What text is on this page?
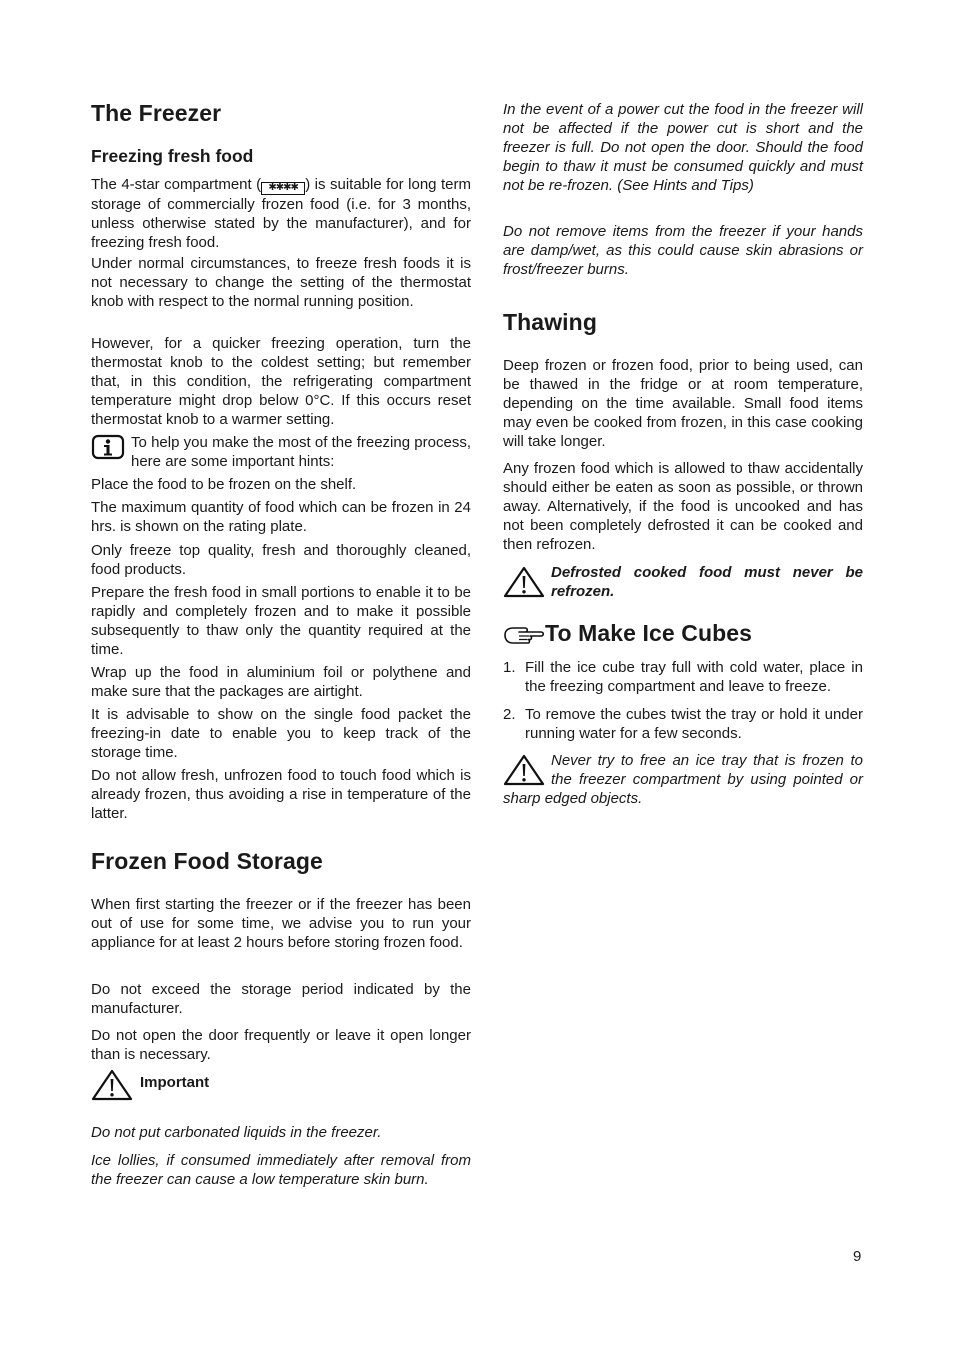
The Freezer
Freezing fresh food

The 4-star compartment ( ✱✱✱✱ ) is suitable for long term storage of commercially frozen food (i.e. for 3 months, unless otherwise stated by the manufacturer), and for freezing fresh food.

Under normal circumstances, to freeze fresh foods it is not necessary to change the setting of the thermostat knob with respect to the normal running position.

However, for a quicker freezing operation, turn the thermostat knob to the coldest setting; but remember that, in this condition, the refrigerating compartment temperature might drop below 0°C. If this occurs reset thermostat knob to a warmer setting.

To help you make the most of the freezing process, here are some important hints:

Place the food to be frozen on the shelf.

The maximum quantity of food which can be frozen in 24 hrs. is shown on the rating plate.

Only freeze top quality, fresh and thoroughly cleaned, food products.

Prepare the fresh food in small portions to enable it to be rapidly and completely frozen and to make it possible subsequently to thaw only the quantity required at the time.

Wrap up the food in aluminium foil or polythene and make sure that the packages are airtight.

It is advisable to show on the single food packet the freezing-in date to enable you to keep track of the storage time.

Do not allow fresh, unfrozen food to touch food which is already frozen, thus avoiding a rise in temperature of the latter.

Frozen Food Storage

When first starting the freezer or if the freezer has been out of use for some time, we advise you to run your appliance for at least 2 hours before storing frozen food.

Do not exceed the storage period indicated by the manufacturer.

Do not open the door frequently or leave it open longer than is necessary.

Important

Do not put carbonated liquids in the freezer.

Ice lollies, if consumed immediately after removal from the freezer can cause a low temperature skin burn.

In the event of a power cut the food in the freezer will not be affected if the power cut is short and the freezer is full. Do not open the door. Should the food begin to thaw it must be consumed quickly and must not be re-frozen. (See Hints and Tips)

Do not remove items from the freezer if your hands are damp/wet, as this could cause skin abrasions or frost/freezer burns.

Thawing

Deep frozen or frozen food, prior to being used, can be thawed in the fridge or at room temperature, depending on the time available. Small food items may even be cooked from frozen, in this case cooking will take longer.

Any frozen food which is allowed to thaw accidentally should either be eaten as soon as possible, or thrown away. Alternatively, if the food is uncooked and has not been completely defrosted it can be cooked and then refrozen.

Defrosted cooked food must never be refrozen.

To Make Ice Cubes
1. Fill the ice cube tray full with cold water, place in the freezing compartment and leave to freeze.
2. To remove the cubes twist the tray or hold it under running water for a few seconds.

Never try to free an ice tray that is frozen to the freezer compartment by using pointed or sharp edged objects.

9
